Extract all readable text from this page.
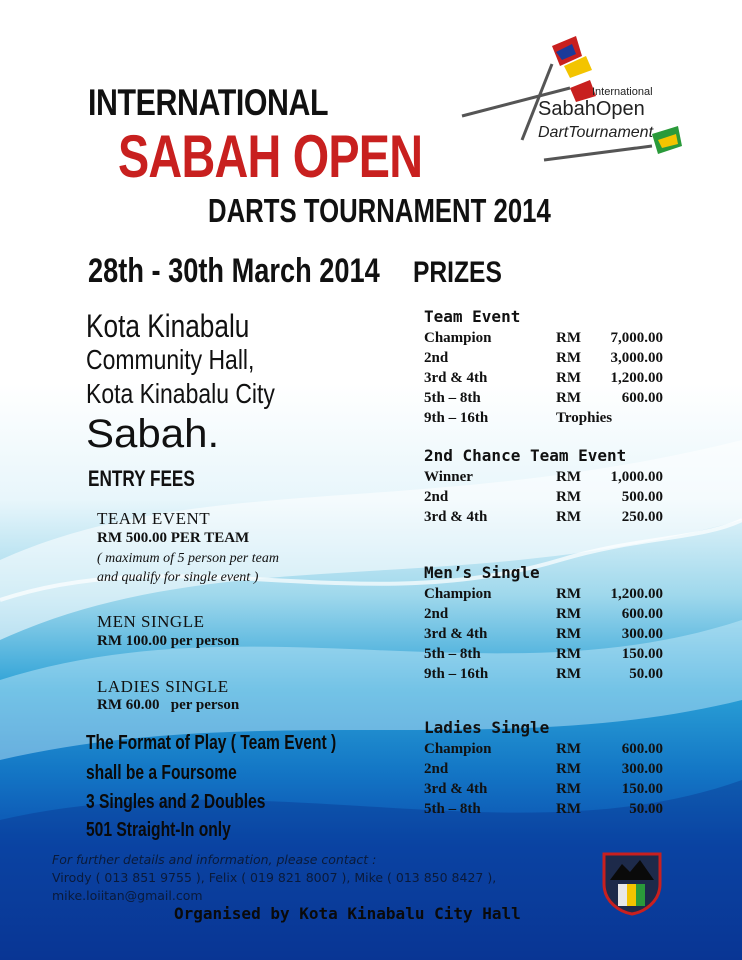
International
SabahOpen
DartTournament
INTERNATIONAL
SABAH OPEN
DARTS TOURNAMENT 2014
28th - 30th March 2014 PRIZES
Kota Kinabalu
Community Hall,
Kota Kinabalu City
Sabah.
ENTRY FEES
TEAM EVENT
RM 500.00 PER TEAM
( maximum of 5 person per team
and qualify for single event )
MEN SINGLE
RM 100.00 per person
LADIES SINGLE
RM 60.00   per person
The Format of Play ( Team Event )
shall be a Foursome
3 Singles and 2 Doubles
501 Straight-In only
Team Event
Champion	RM	7,000.00
2nd	RM	3,000.00
3rd & 4th	RM	1,200.00
5th – 8th	RM	600.00
9th – 16th	Trophies
2nd Chance Team Event
Winner	RM	1,000.00
2nd	RM	500.00
3rd & 4th	RM	250.00
Men’s Single
Champion	RM	1,200.00
2nd	RM	600.00
3rd & 4th	RM	300.00
5th – 8th	RM	150.00
9th – 16th	RM	50.00
Ladies Single
Champion	RM	600.00
2nd	RM	300.00
3rd & 4th	RM	150.00
5th – 8th	RM	50.00
For further details and information, please contact :
Virody ( 013 851 9755 ), Felix ( 019 821 8007 ), Mike ( 013 850 8427 ),
mike.loiitan@gmail.com
Organised by Kota Kinabalu City Hall
